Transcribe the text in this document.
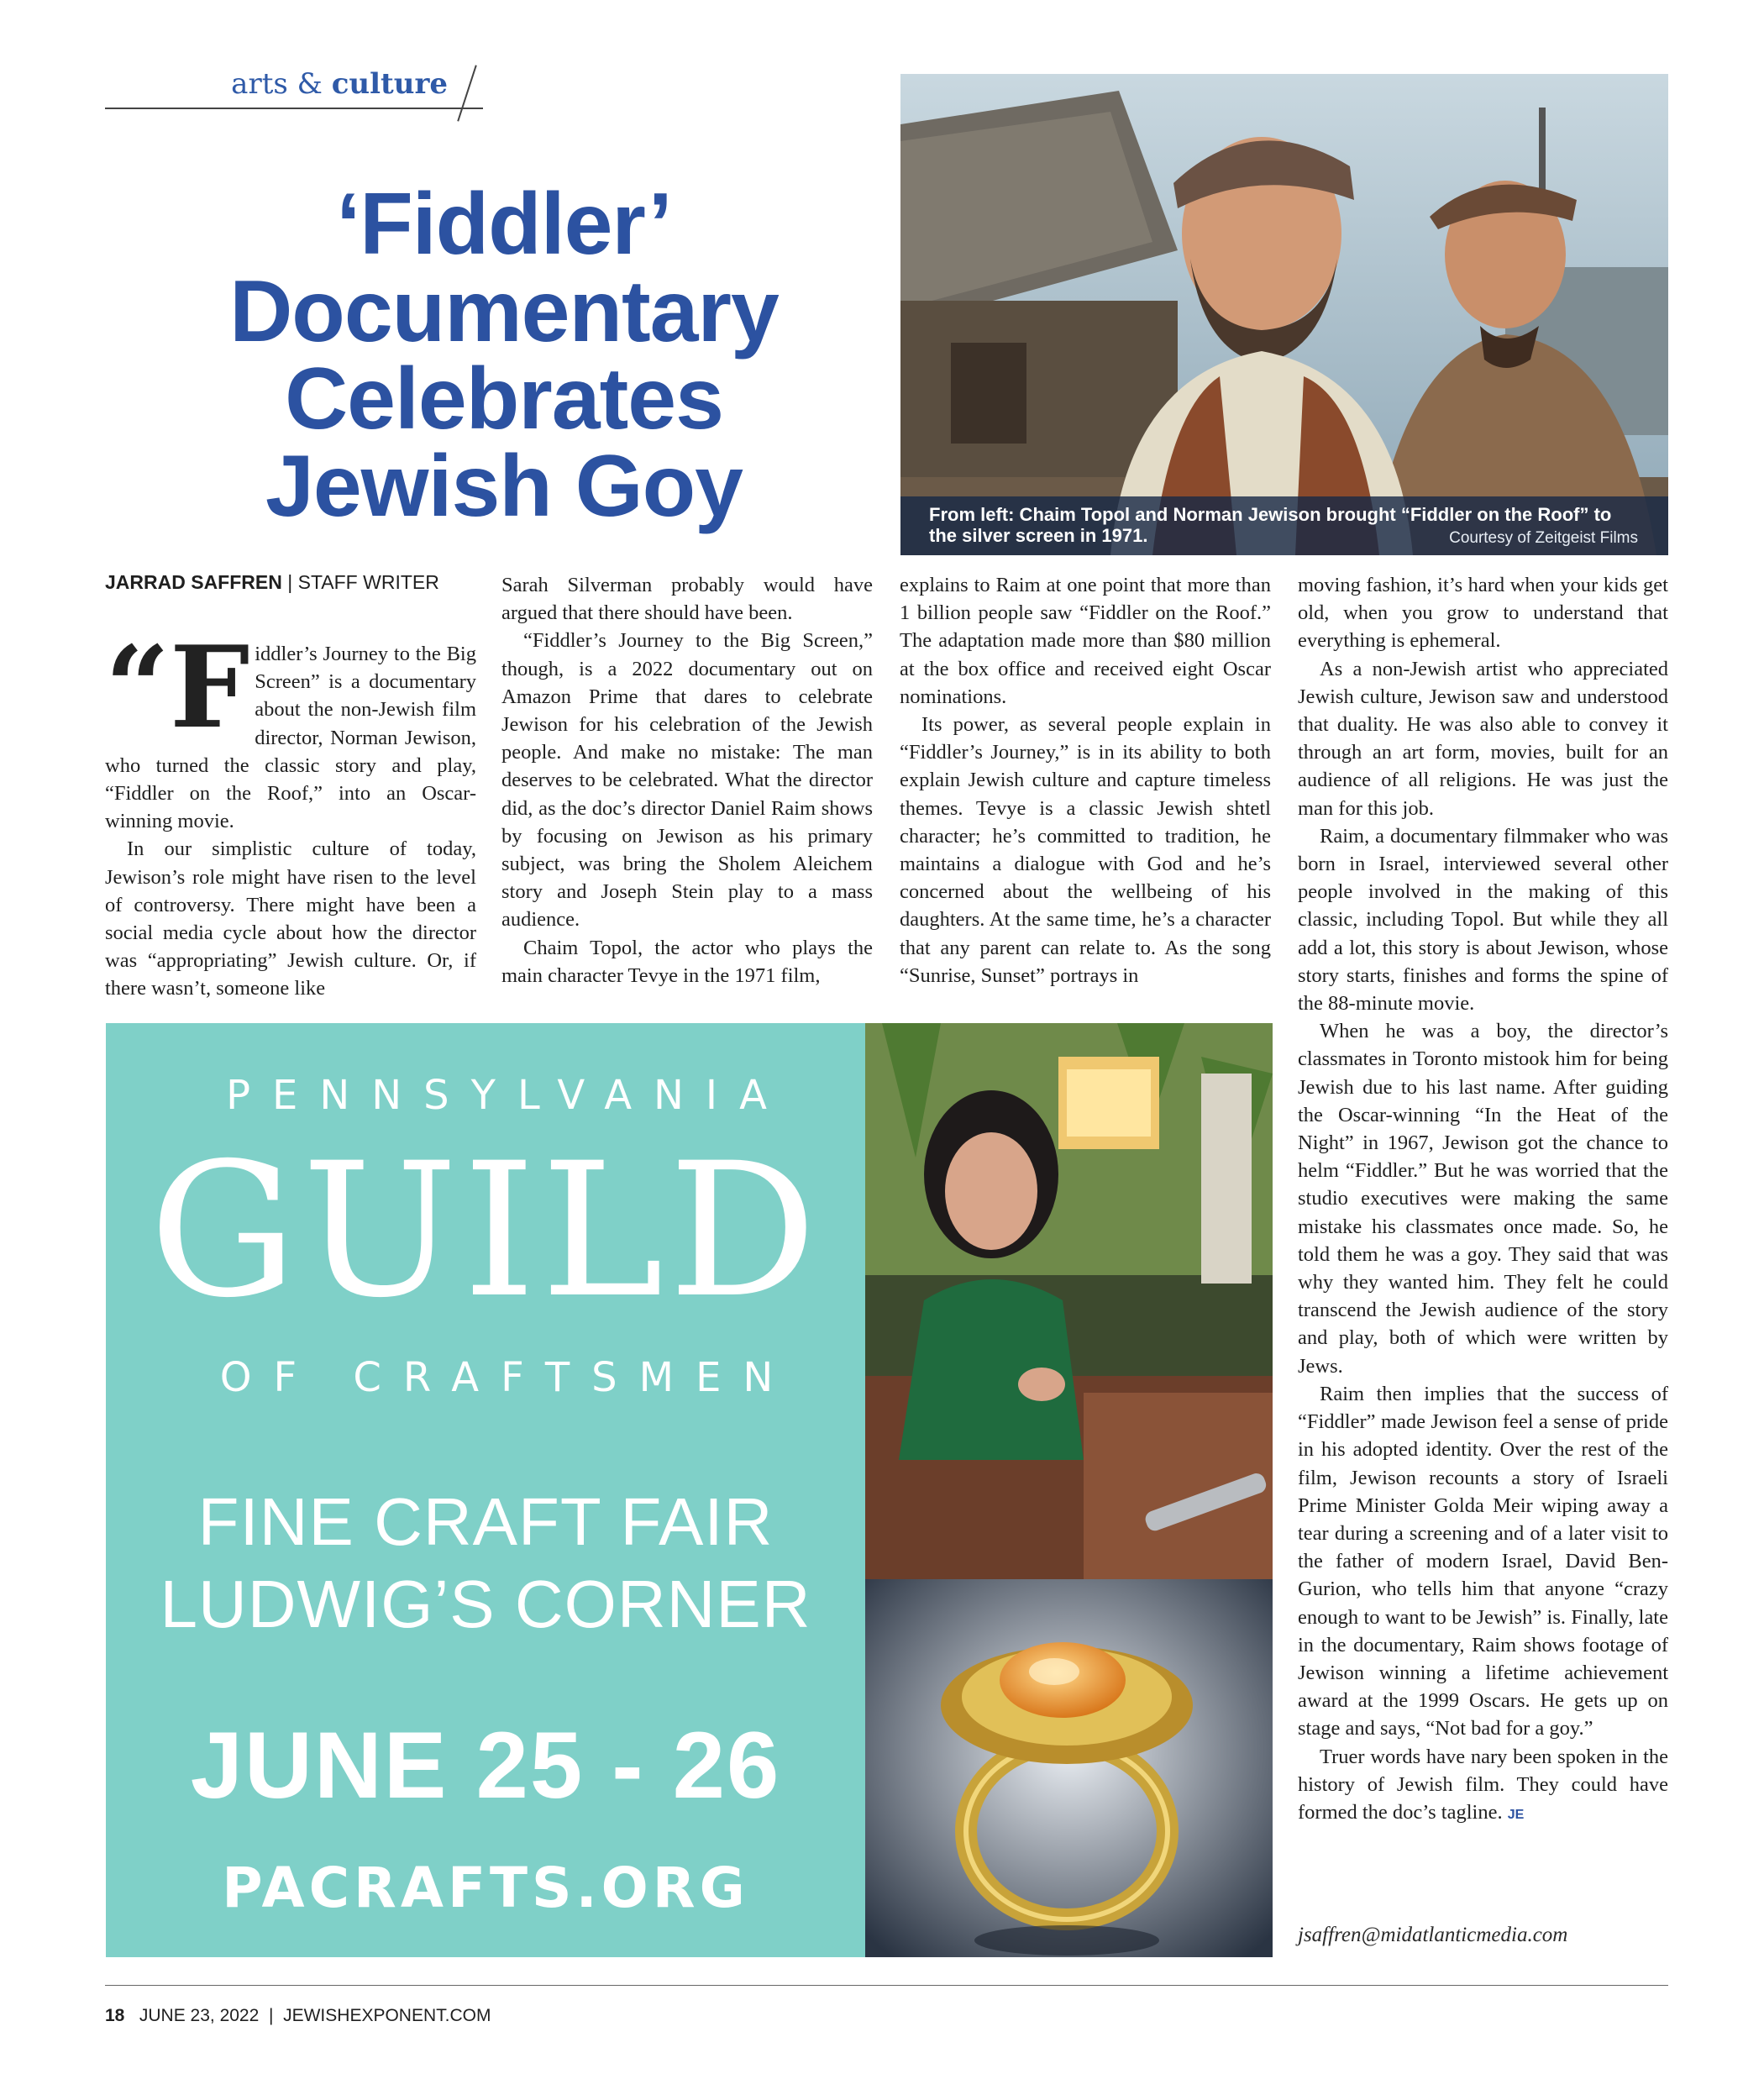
arts & culture
‘Fiddler’
Documentary
Celebrates
Jewish Goy	From left: Chaim Topol and Norman Jewison brought “Fiddler on the Roof” to the silver screen in 1971.	Courtesy of Zeitgeist Films
JARRAD SAFFREN | STAFF WRITER

“Fiddler’s Journey to the Big Screen” is a documentary about the non-Jewish film director, Norman Jewison, who turned the classic story and play, “Fiddler on the Roof,” into an Oscar-winning movie.

In our simplistic culture of today, Jewison’s role might have risen to the level of controversy. There might have been a social media cycle about how the director was “appropriating” Jewish culture. Or, if there wasn’t, someone like

Sarah Silverman probably would have argued that there should have been.

“Fiddler’s Journey to the Big Screen,” though, is a 2022 documentary out on Amazon Prime that dares to celebrate Jewison for his celebration of the Jewish people. And make no mistake: The man deserves to be celebrated. What the director did, as the doc’s director Daniel Raim shows by focusing on Jewison as his primary subject, was bring the Sholem Aleichem story and Joseph Stein play to a mass audience.

Chaim Topol, the actor who plays the main character Tevye in the 1971 film,

explains to Raim at one point that more than 1 billion people saw “Fiddler on the Roof.” The adaptation made more than $80 million at the box office and received eight Oscar nominations.

Its power, as several people explain in “Fiddler’s Journey,” is in its ability to both explain Jewish culture and capture timeless themes. Tevye is a classic Jewish shtetl character; he’s committed to tradition, he maintains a dialogue with God and he’s concerned about the wellbeing of his daughters. At the same time, he’s a character that any parent can relate to. As the song “Sunrise, Sunset” portrays in

moving fashion, it’s hard when your kids get old, when you grow to understand that everything is ephemeral.

As a non-Jewish artist who appreciated Jewish culture, Jewison saw and understood that duality. He was also able to convey it through an art form, movies, built for an audience of all religions. He was just the man for this job.

Raim, a documentary filmmaker who was born in Israel, interviewed several other people involved in the making of this classic, including Topol. But while they all add a lot, this story is about Jewison, whose story starts, finishes and forms the spine of the 88-minute movie.

When he was a boy, the director’s classmates in Toronto mistook him for being Jewish due to his last name. After guiding the Oscar-winning “In the Heat of the Night” in 1967, Jewison got the chance to helm “Fiddler.” But he was worried that the studio executives were making the same mistake his classmates once made. So, he told them he was a goy. They said that was why they wanted him. They felt he could transcend the Jewish audience of the story and play, both of which were written by Jews.

Raim then implies that the success of “Fiddler” made Jewison feel a sense of pride in his adopted identity. Over the rest of the film, Jewison recounts a story of Israeli Prime Minister Golda Meir wiping away a tear during a screening and of a later visit to the father of modern Israel, David Ben-Gurion, who tells him that anyone “crazy enough to want to be Jewish” is. Finally, late in the documentary, Raim shows footage of Jewison winning a lifetime achievement award at the 1999 Oscars. He gets up on stage and says, “Not bad for a goy.”

Truer words have nary been spoken in the history of Jewish film. They could have formed the doc’s tagline. JE

jsaffren@midatlanticmedia.com
PENNSYLVANIA
GUILD
OF CRAFTSMEN
FINE CRAFT FAIR
LUDWIG’S CORNER
JUNE 25 - 26
PACRAFTS.ORG
18 JUNE 23, 2022 | JEWISHEXPONENT.COM
